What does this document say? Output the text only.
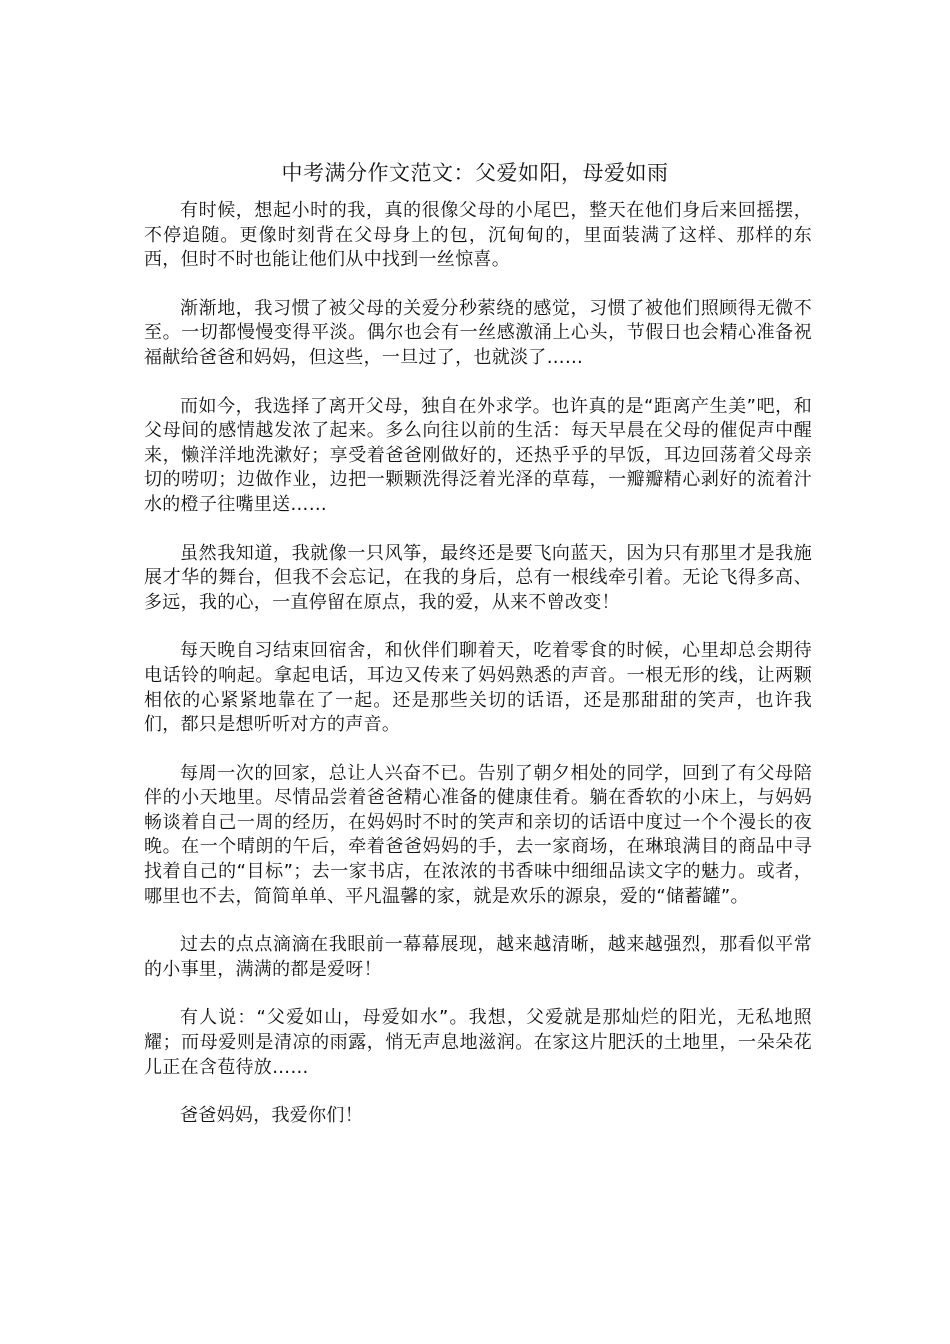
中考满分作文范文：父爱如阳，母爱如雨

有时候，想起小时的我，真的很像父母的小尾巴，整天在他们身后来回摇摆，不停追随。更像时刻背在父母身上的包，沉甸甸的，里面装满了这样、那样的东西，但时不时也能让他们从中找到一丝惊喜。

渐渐地，我习惯了被父母的关爱分秒萦绕的感觉，习惯了被他们照顾得无微不至。一切都慢慢变得平淡。偶尔也会有一丝感激涌上心头，节假日也会精心准备祝福献给爸爸和妈妈，但这些，一旦过了，也就淡了……

而如今，我选择了离开父母，独自在外求学。也许真的是“距离产生美”吧，和父母间的感情越发浓了起来。多么向往以前的生活：每天早晨在父母的催促声中醒来，懒洋洋地洗漱好；享受着爸爸刚做好的，还热乎乎的早饭，耳边回荡着父母亲切的唠叨；边做作业，边把一颗颗洗得泛着光泽的草莓，一瓣瓣精心剥好的流着汁水的橙子往嘴里送……

虽然我知道，我就像一只风筝，最终还是要飞向蓝天，因为只有那里才是我施展才华的舞台，但我不会忘记，在我的身后，总有一根线牵引着。无论飞得多高、多远，我的心，一直停留在原点，我的爱，从来不曾改变！

每天晚自习结束回宿舍，和伙伴们聊着天，吃着零食的时候，心里却总会期待电话铃的响起。拿起电话，耳边又传来了妈妈熟悉的声音。一根无形的线，让两颗相依的心紧紧地靠在了一起。还是那些关切的话语，还是那甜甜的笑声，也许我们，都只是想听听对方的声音。

每周一次的回家，总让人兴奋不已。告别了朝夕相处的同学，回到了有父母陪伴的小天地里。尽情品尝着爸爸精心准备的健康佳肴。躺在香软的小床上，与妈妈畅谈着自己一周的经历，在妈妈时不时的笑声和亲切的话语中度过一个个漫长的夜晚。在一个晴朗的午后，牵着爸爸妈妈的手，去一家商场，在琳琅满目的商品中寻找着自己的“目标”；去一家书店，在浓浓的书香味中细细品读文字的魅力。或者，哪里也不去，简简单单、平凡温馨的家，就是欢乐的源泉，爱的“储蓄罐”。

过去的点点滴滴在我眼前一幕幕展现，越来越清晰，越来越强烈，那看似平常的小事里，满满的都是爱呀！

有人说：“父爱如山，母爱如水”。我想，父爱就是那灿烂的阳光，无私地照耀；而母爱则是清凉的雨露，悄无声息地滋润。在家这片肥沃的土地里，一朵朵花儿正在含苞待放……

爸爸妈妈，我爱你们！
